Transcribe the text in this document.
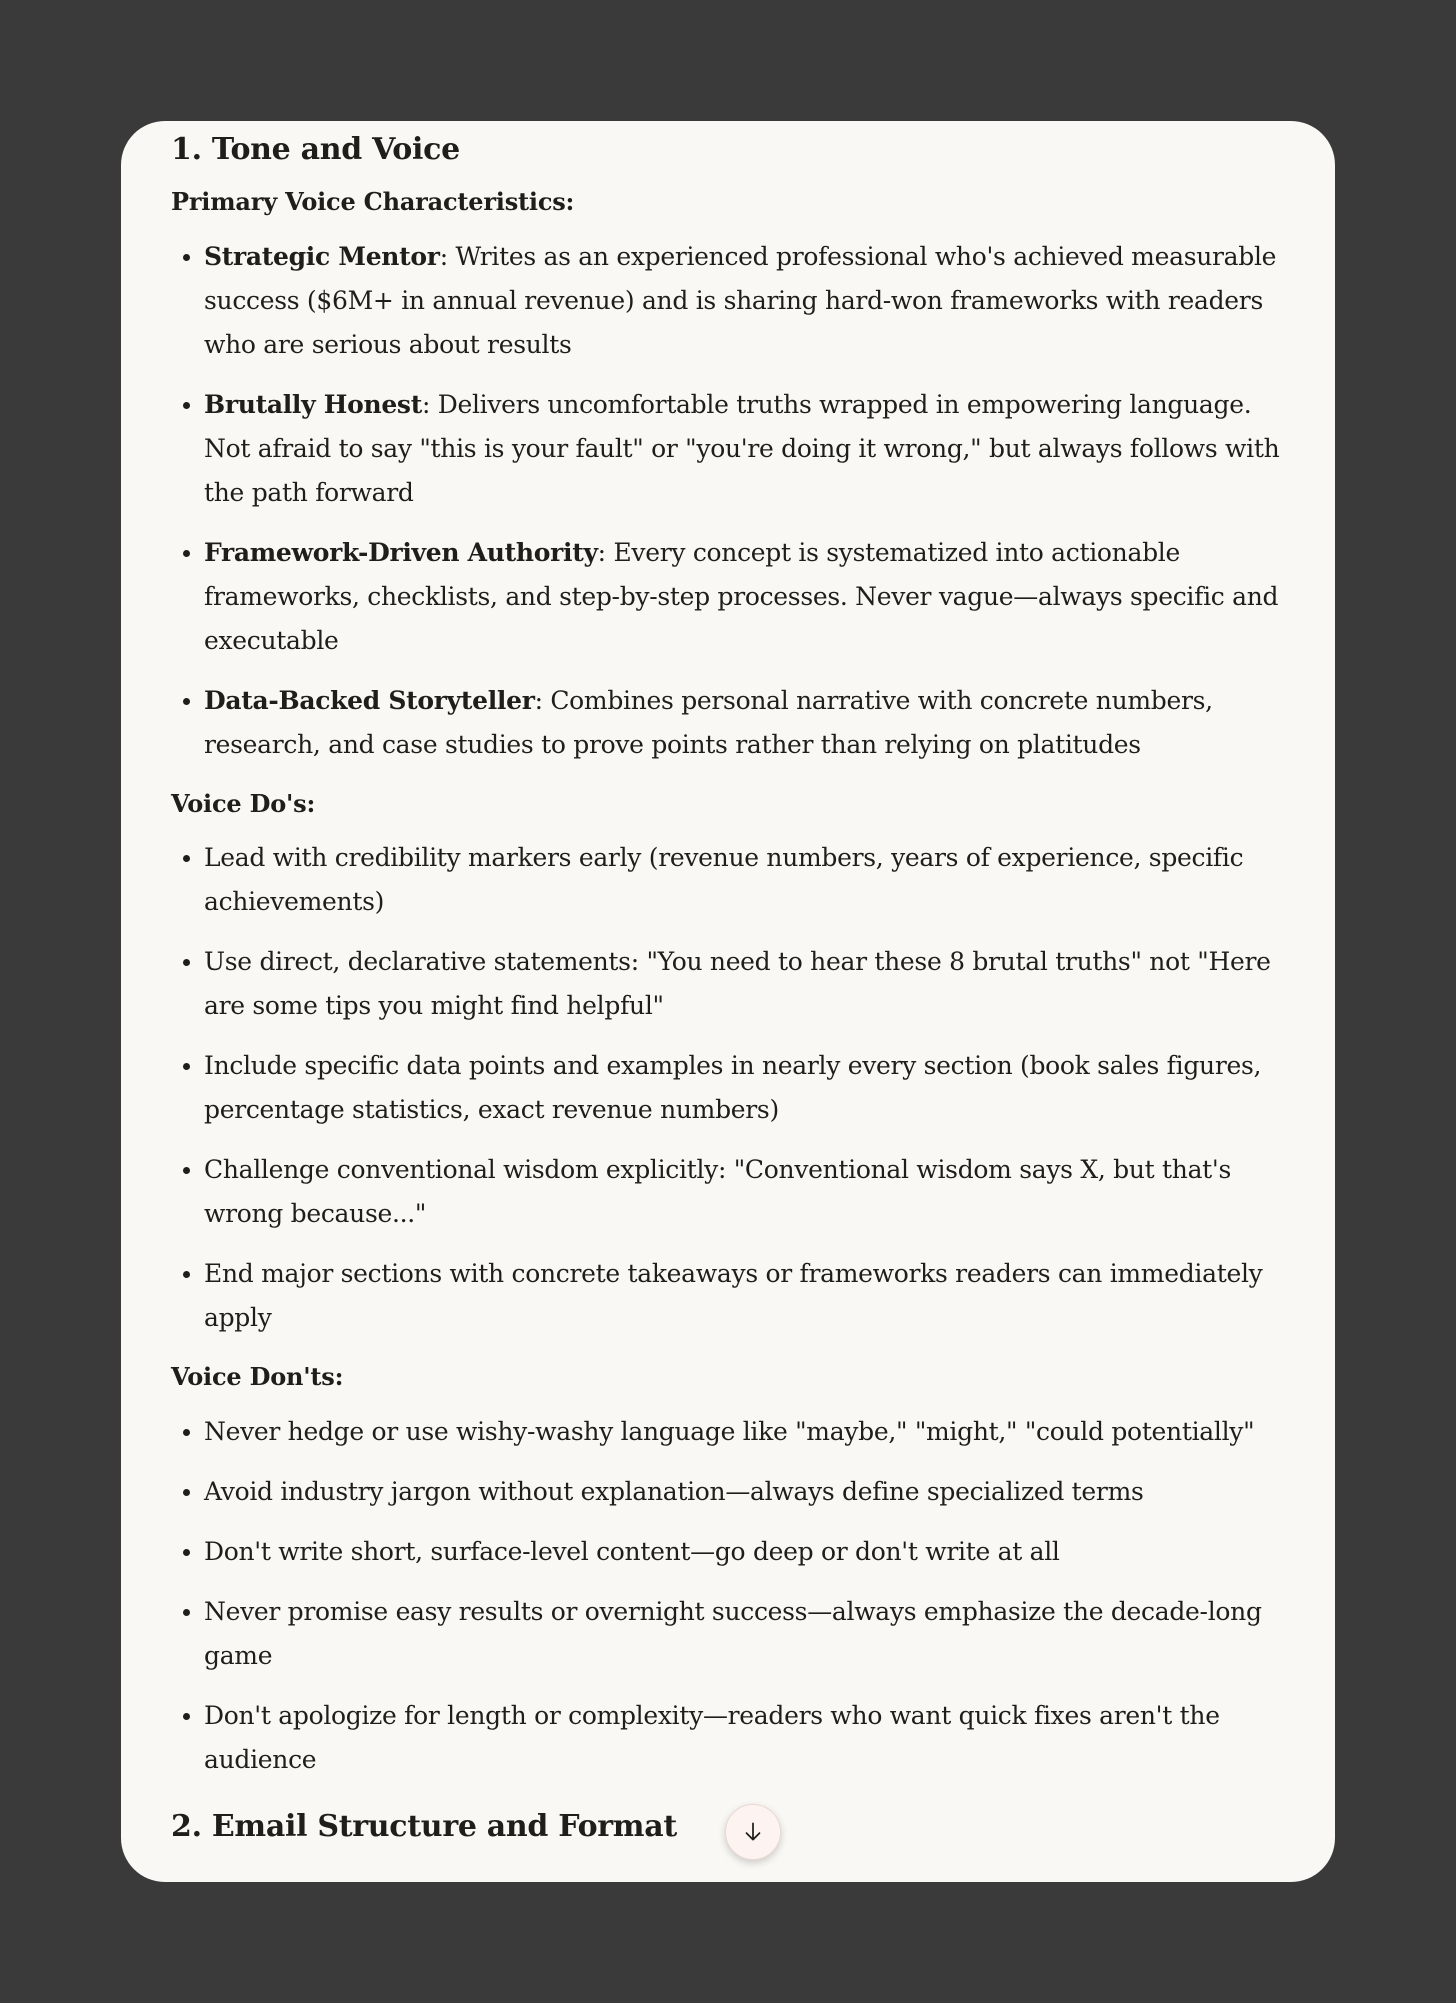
1. Tone and Voice
Primary Voice Characteristics:
Strategic Mentor: Writes as an experienced professional who's achieved measurable success ($6M+ in annual revenue) and is sharing hard-won frameworks with readers who are serious about results
Brutally Honest: Delivers uncomfortable truths wrapped in empowering language. Not afraid to say "this is your fault" or "you're doing it wrong," but always follows with the path forward
Framework-Driven Authority: Every concept is systematized into actionable frameworks, checklists, and step-by-step processes. Never vague—always specific and executable
Data-Backed Storyteller: Combines personal narrative with concrete numbers, research, and case studies to prove points rather than relying on platitudes
Voice Do's:
Lead with credibility markers early (revenue numbers, years of experience, specific achievements)
Use direct, declarative statements: "You need to hear these 8 brutal truths" not "Here are some tips you might find helpful"
Include specific data points and examples in nearly every section (book sales figures, percentage statistics, exact revenue numbers)
Challenge conventional wisdom explicitly: "Conventional wisdom says X, but that's wrong because..."
End major sections with concrete takeaways or frameworks readers can immediately apply
Voice Don'ts:
Never hedge or use wishy-washy language like "maybe," "might," "could potentially"
Avoid industry jargon without explanation—always define specialized terms
Don't write short, surface-level content—go deep or don't write at all
Never promise easy results or overnight success—always emphasize the decade-long game
Don't apologize for length or complexity—readers who want quick fixes aren't the audience
2. Email Structure and Format
